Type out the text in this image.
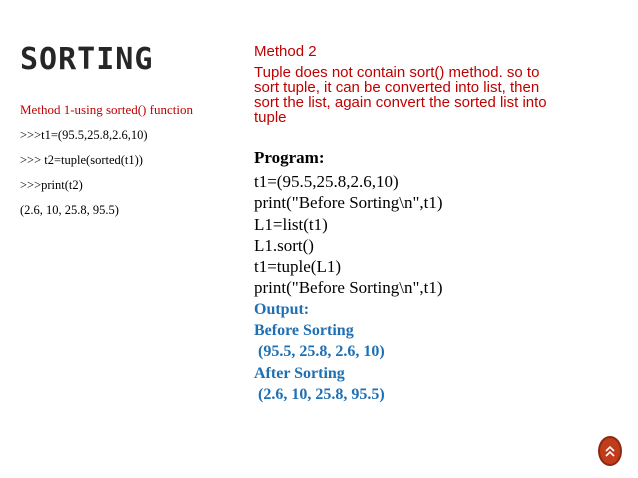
SORTING

Method 1-using sorted() function

>>>t1=(95.5,25.8,2.6,10)

>>> t2=tuple(sorted(t1))

>>>print(t2)

(2.6, 10, 25.8, 95.5)

Method 2

Tuple does not contain sort() method. so to

sort tuple, it can be converted into list, then

sort the list, again convert the sorted list into

tuple

Program:

t1=(95.5,25.8,2.6,10)

print("Before Sorting\n",t1)

L1=list(t1)

L1.sort()

t1=tuple(L1)

print("Before Sorting\n",t1)

Output:

Before Sorting

(95.5, 25.8, 2.6, 10)

After Sorting

(2.6, 10, 25.8, 95.5)
